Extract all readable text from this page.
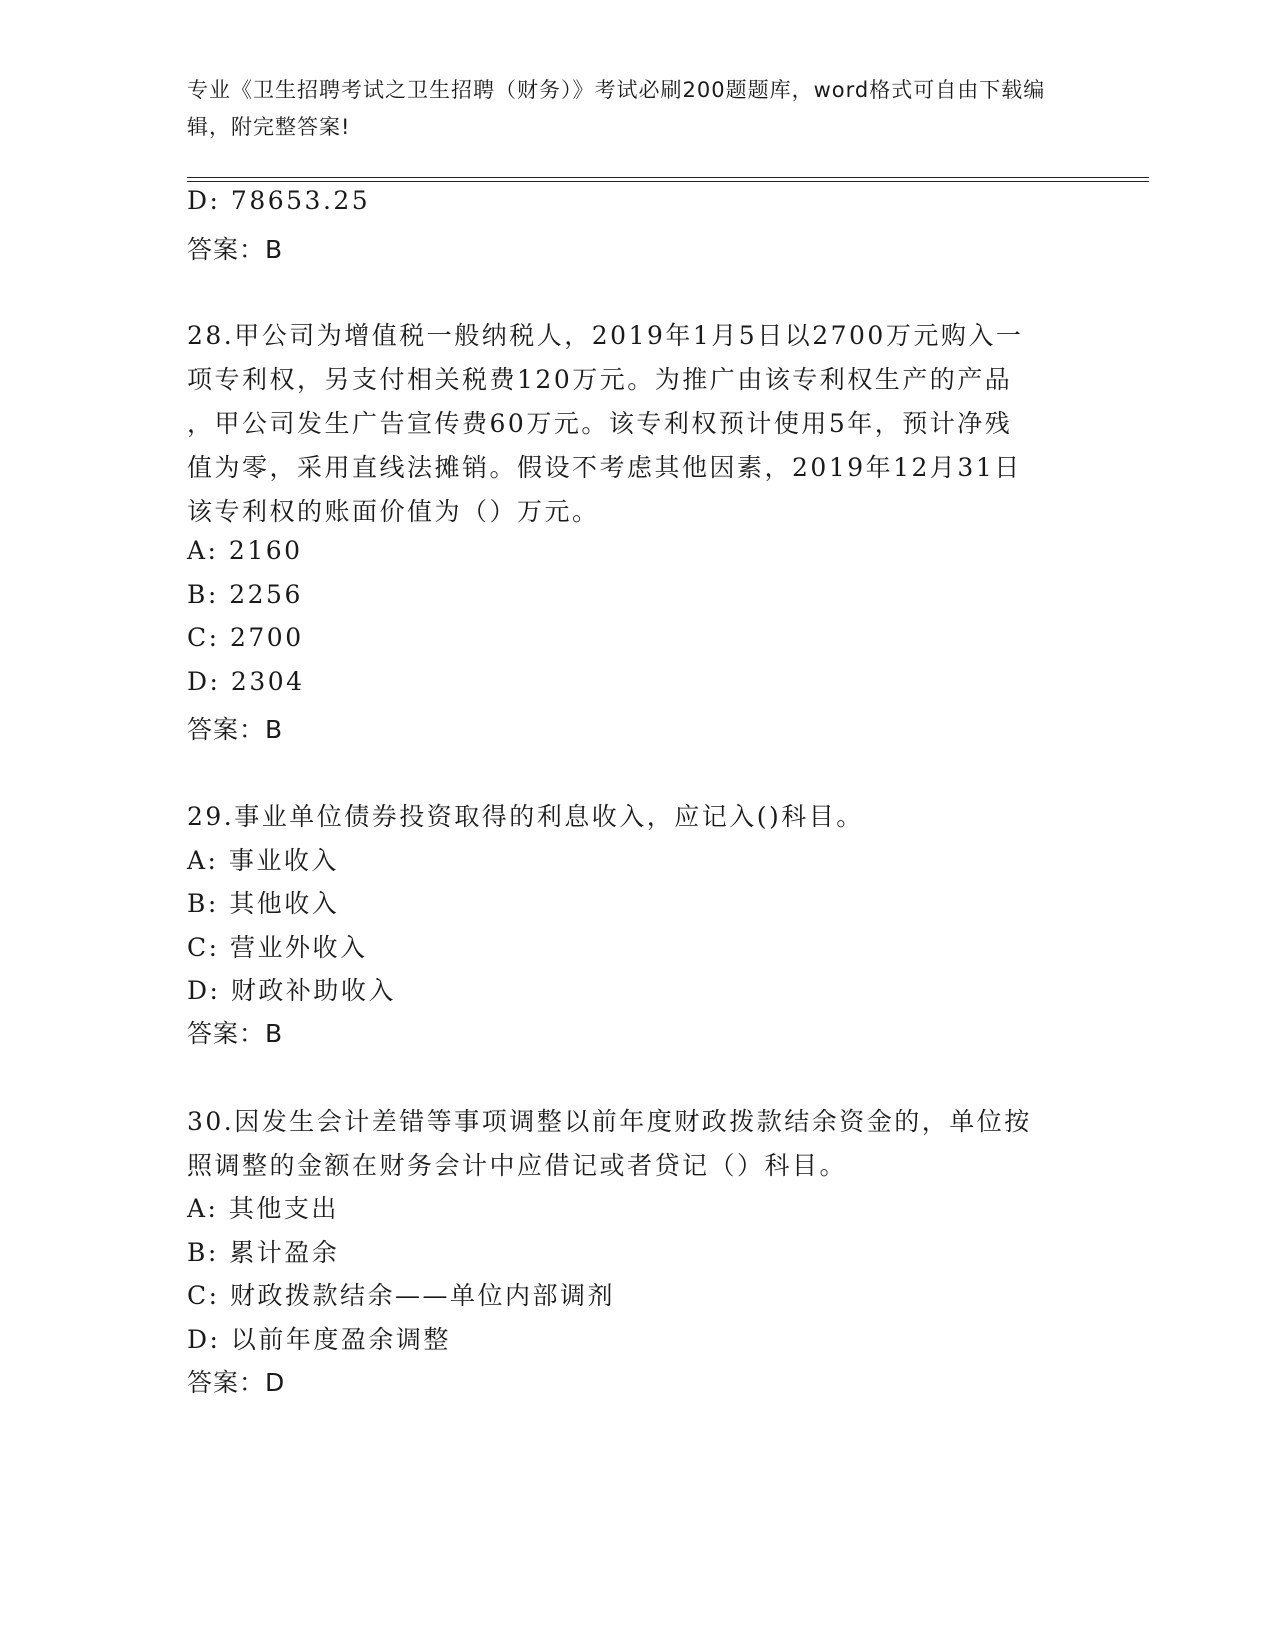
专业《卫生招聘考试之卫生招聘（财务）》考试必刷200题题库，word格式可自由下载编辑，附完整答案!
D: 78653.25
答案：B
28.甲公司为增值税一般纳税人，2019年1月5日以2700万元购入一
项专利权，另支付相关税费120万元。为推广由该专利权生产的产品
，甲公司发生广告宣传费60万元。该专利权预计使用5年，预计净残
值为零，采用直线法摊销。假设不考虑其他因素，2019年12月31日
该专利权的账面价值为（）万元。
A: 2160
B: 2256
C: 2700
D: 2304
答案：B
29.事业单位债券投资取得的利息收入，应记入()科目。
A: 事业收入
B: 其他收入
C: 营业外收入
D: 财政补助收入
答案：B
30.因发生会计差错等事项调整以前年度财政拨款结余资金的，单位按
照调整的金额在财务会计中应借记或者贷记（）科目。
A: 其他支出
B: 累计盈余
C: 财政拨款结余——单位内部调剂
D: 以前年度盈余调整
答案：D
